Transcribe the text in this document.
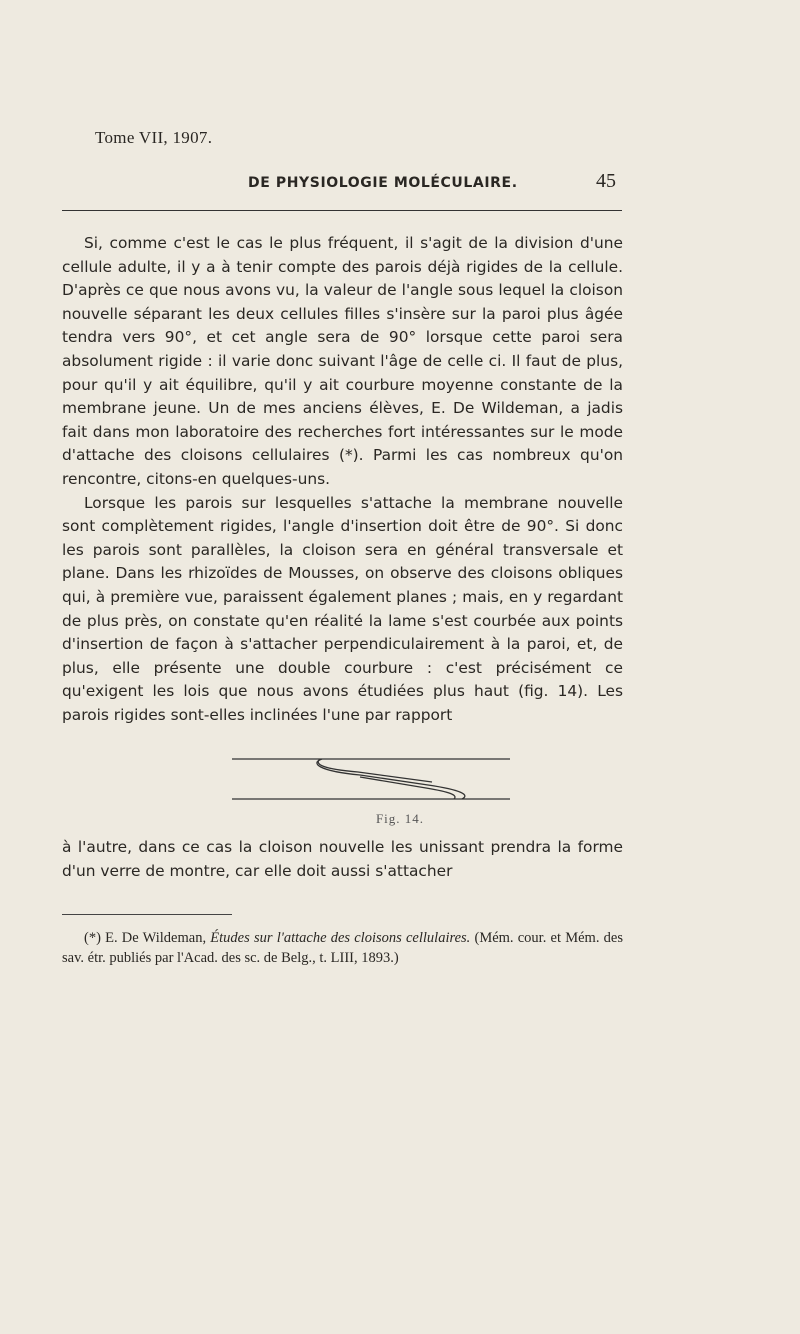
Tome VII, 1907.
DE PHYSIOLOGIE MOLÉCULAIRE.	45

Si, comme c'est le cas le plus fréquent, il s'agit de la division d'une cellule adulte, il y a à tenir compte des parois déjà rigides de la cellule. D'après ce que nous avons vu, la valeur de l'angle sous lequel la cloison nouvelle séparant les deux cellules filles s'insère sur la paroi plus âgée tendra vers 90°, et cet angle sera de 90° lorsque cette paroi sera absolument rigide : il varie donc suivant l'âge de celle ci. Il faut de plus, pour qu'il y ait équilibre, qu'il y ait courbure moyenne constante de la membrane jeune. Un de mes anciens élèves, E. De Wildeman, a jadis fait dans mon laboratoire des recherches fort intéressantes sur le mode d'attache des cloisons cellulaires (*). Parmi les cas nombreux qu'on rencontre, citons-en quelques-uns.

Lorsque les parois sur lesquelles s'attache la membrane nouvelle sont complètement rigides, l'angle d'insertion doit être de 90°. Si donc les parois sont parallèles, la cloison sera en général transversale et plane. Dans les rhizoïdes de Mousses, on observe des cloisons obliques qui, à première vue, paraissent également planes ; mais, en y regardant de plus près, on constate qu'en réalité la lame s'est courbée aux points d'insertion de façon à s'attacher perpendiculairement à la paroi, et, de plus, elle présente une double courbure : c'est précisément ce qu'exigent les lois que nous avons étudiées plus haut (fig. 14). Les parois rigides sont-elles inclinées l'une par rapport

Fig. 14.

à l'autre, dans ce cas la cloison nouvelle les unissant prendra la forme d'un verre de montre, car elle doit aussi s'attacher

(*) E. De Wildeman, Études sur l'attache des cloisons cellulaires. (Mém. cour. et Mém. des sav. étr. publiés par l'Acad. des sc. de Belg., t. LIII, 1893.)
